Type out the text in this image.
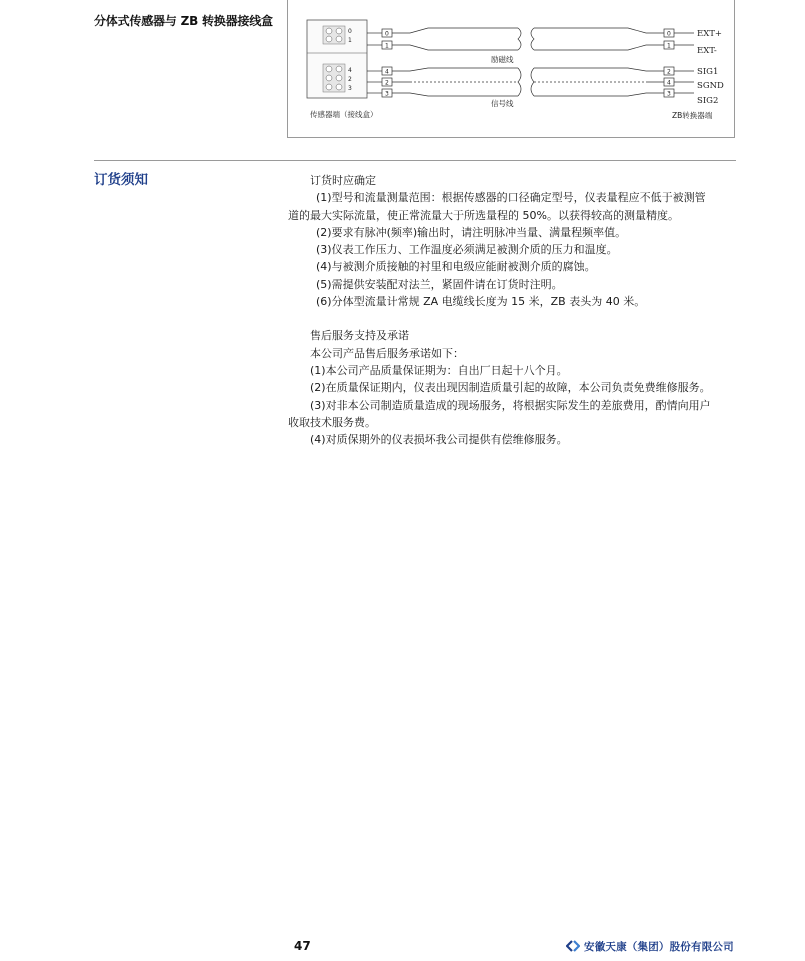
分体式传感器与 ZB 转换器接线盒
0
1
4
2
3
0
1
4
2
3
励磁线
信号线
0
1
2
4
3
EXT+
EXT-
SIG1
SGND
SIG2
传感器端（接线盒）	ZB转换器端
订货须知	订货时应确定

(1)型号和流量测量范围：根据传感器的口径确定型号，仪表量程应不低于被测管

道的最大实际流量，使正常流量大于所选量程的 50%。以获得较高的测量精度。

(2)要求有脉冲(频率)输出时，请注明脉冲当量、满量程频率值。

(3)仪表工作压力、工作温度必须满足被测介质的压力和温度。

(4)与被测介质接触的衬里和电级应能耐被测介质的腐蚀。

(5)需提供安装配对法兰，紧固件请在订货时注明。

(6)分体型流量计常规 ZA 电缆线长度为 15 米，ZB 表头为 40 米。

售后服务支持及承诺

本公司产品售后服务承诺如下：

(1)本公司产品质量保证期为：自出厂日起十八个月。

(2)在质量保证期内，仪表出现因制造质量引起的故障，本公司负责免费维修服务。

(3)对非本公司制造质量造成的现场服务，将根据实际发生的差旅费用，酌情向用户

收取技术服务费。

(4)对质保期外的仪表损坏我公司提供有偿维修服务。

47	安徽天康（集团）股份有限公司
